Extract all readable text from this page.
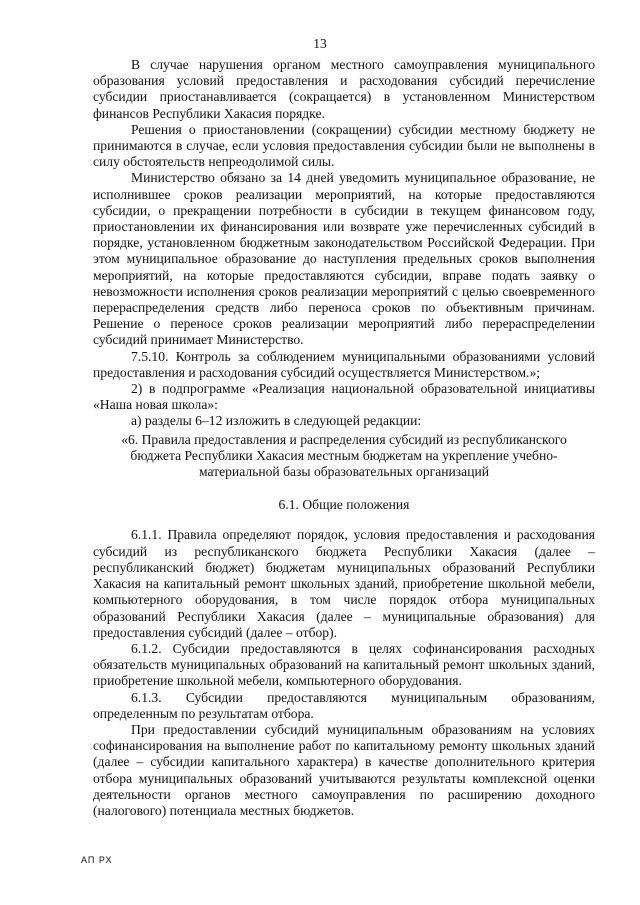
13

В случае нарушения органом местного самоуправления муниципального образования условий предоставления и расходования субсидий перечисление субсидии приостанавливается (сокращается) в установленном Министерством финансов Республики Хакасия порядке.

Решения о приостановлении (сокращении) субсидии местному бюджету не принимаются в случае, если условия предоставления субсидии были не выполнены в силу обстоятельств непреодолимой силы.

Министерство обязано за 14 дней уведомить муниципальное образование, не исполнившее сроков реализации мероприятий, на которые предоставляются субсидии, о прекращении потребности в субсидии в текущем финансовом году, приостановлении их финансирования или возврате уже перечисленных субсидий в порядке, установленном бюджетным законодательством Российской Федерации. При этом муниципальное образование до наступления предельных сроков выполнения мероприятий, на которые предоставляются субсидии, вправе подать заявку о невозможности исполнения сроков реализации мероприятий с целью своевременного перераспределения средств либо переноса сроков по объективным причинам. Решение о переносе сроков реализации мероприятий либо перераспределении субсидий принимает Министерство.

7.5.10. Контроль за соблюдением муниципальными образованиями условий предоставления и расходования субсидий осуществляется Министерством.»;

2) в подпрограмме «Реализация национальной образовательной инициативы «Наша новая школа»:

а) разделы 6–12 изложить в следующей редакции:

«6. Правила предоставления и распределения субсидий из республиканского

бюджета Республики Хакасия местным бюджетам на укрепление учебно-

материальной базы образовательных организаций

6.1. Общие положения

6.1.1. Правила определяют порядок, условия предоставления и расходования субсидий из республиканского бюджета Республики Хакасия (далее – республиканский бюджет) бюджетам муниципальных образований Республики Хакасия на капитальный ремонт школьных зданий, приобретение школьной мебели, компьютерного оборудования, в том числе порядок отбора муниципальных образований Республики Хакасия (далее – муниципальные образования) для предоставления субсидий (далее – отбор).

6.1.2. Субсидии предоставляются в целях софинансирования расходных обязательств муниципальных образований на капитальный ремонт школьных зданий, приобретение школьной мебели, компьютерного оборудования.

6.1.3. Субсидии предоставляются муниципальным образованиям, определенным по результатам отбора.

При предоставлении субсидий муниципальным образованиям на условиях софинансирования на выполнение работ по капитальному ремонту школьных зданий (далее – субсидии капитального характера) в качестве дополнительного критерия отбора муниципальных образований учитываются результаты комплексной оценки деятельности органов местного самоуправления по расширению доходного (налогового) потенциала местных бюджетов.

АП РХ
